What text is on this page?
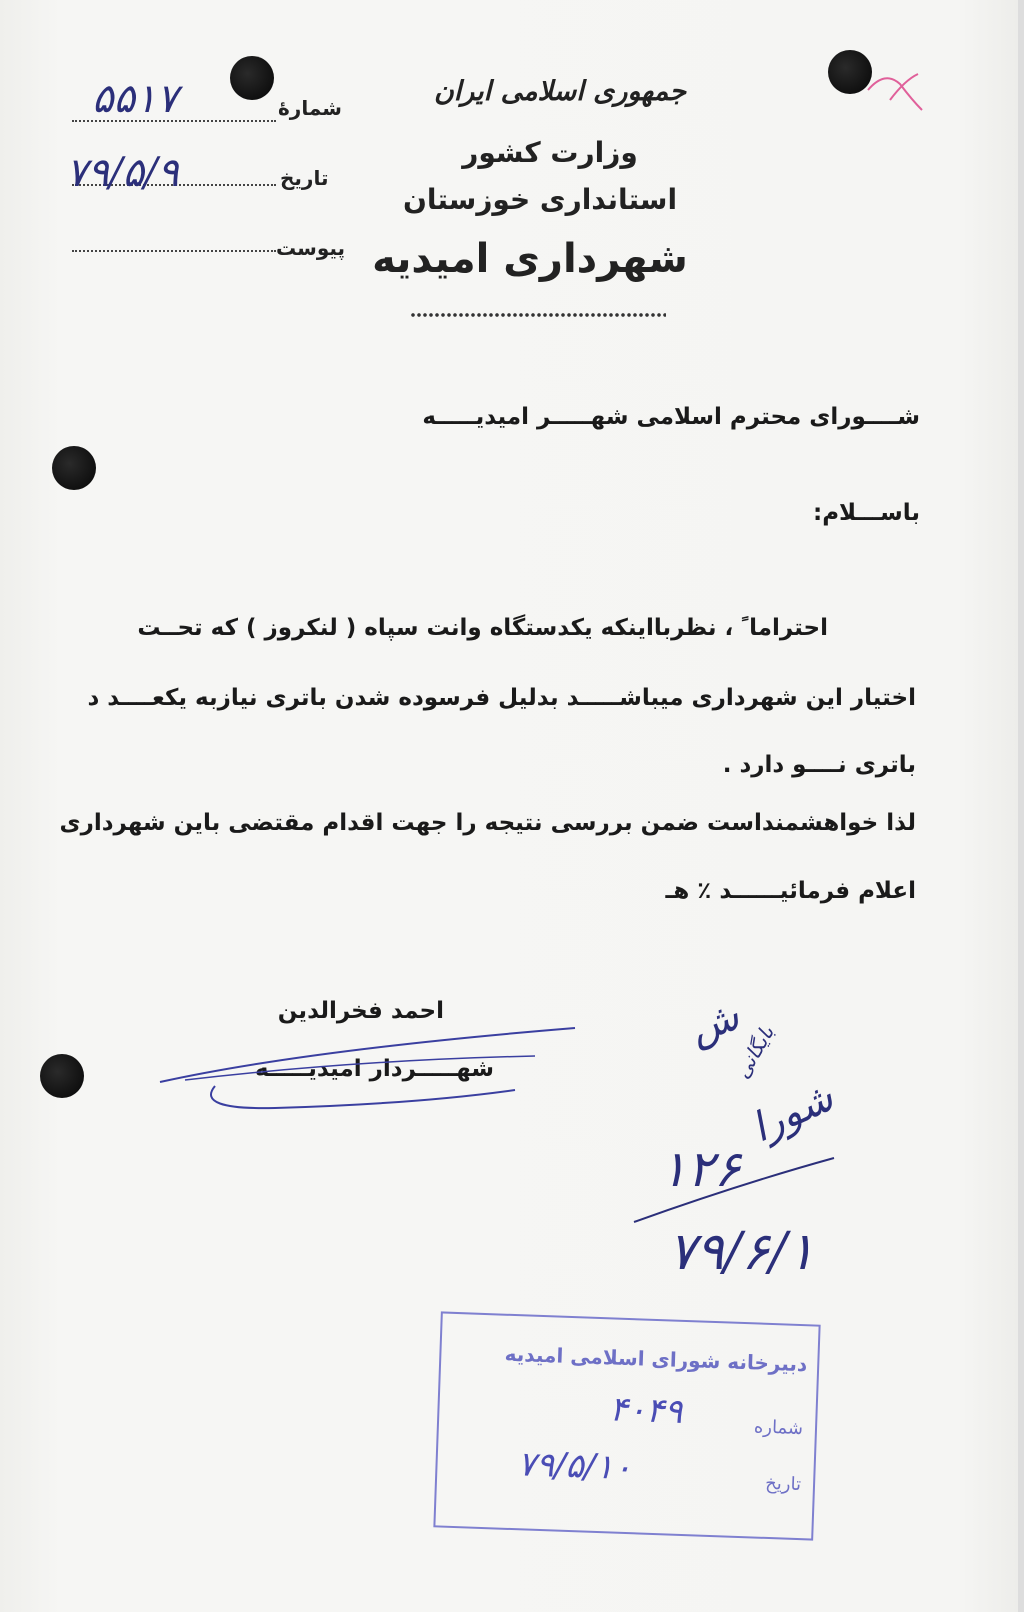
جمهوری اسلامی ایران
وزارت کشور
استانداری خوزستان
شهرداری امیدیه
شمارهٔ
۵۵۱۷
تاریخ
۷۹/۵/۹
پیوست
شــــورای محترم اسلامی شهـــــر امیدیـــــه
باســـلام:
احتراما ً ، نظربااینکه یکدستگاه وانت سپاه ( لنکروز ) که تحــت
اختیار این شهرداری میباشـــــد بدلیل فرسوده شدن باتری نیازبه یکعــــد د
باتری نــــو دارد .
لذا خواهشمنداست ضمن بررسی نتیجه را جهت اقدام مقتضی باین شهرداری
اعلام فرمائیــــــد ٪ هـ
احمد فخرالدین
شهـــــردار امیدیـــــه
ش
بایگانی
شورا
١٢۶
٧٩/۶/١
دبیرخانه شورای اسلامی امیدیه
شماره
۴۰۴۹
تاریخ
۷۹/۵/۱۰
